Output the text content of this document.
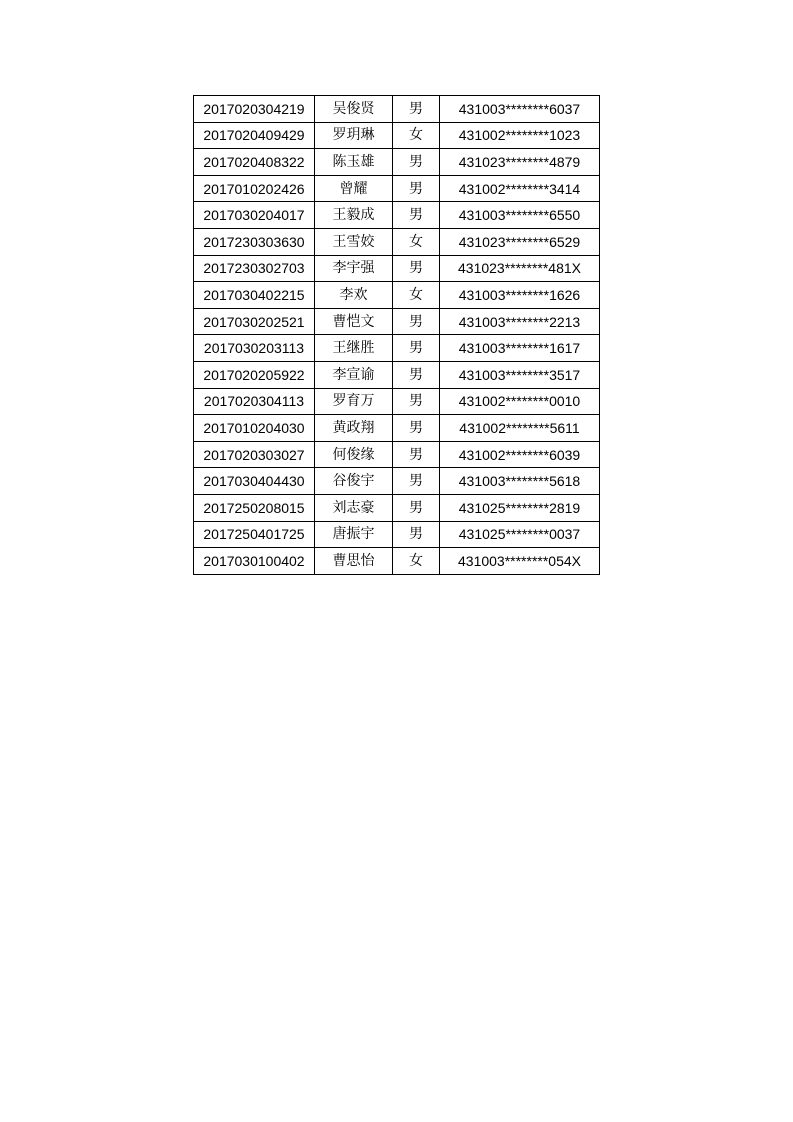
2017020304219	吴俊贤	男	431003********6037
2017020409429	罗玥琳	女	431002********1023
2017020408322	陈玉雄	男	431023********4879
2017010202426	曾耀	男	431002********3414
2017030204017	王毅成	男	431003********6550
2017230303630	王雪姣	女	431023********6529
2017230302703	李宇强	男	431023********481X
2017030402215	李欢	女	431003********1626
2017030202521	曹恺文	男	431003********2213
2017030203113	王继胜	男	431003********1617
2017020205922	李宣谕	男	431003********3517
2017020304113	罗育万	男	431002********0010
2017010204030	黄政翔	男	431002********5611
2017020303027	何俊缘	男	431002********6039
2017030404430	谷俊宇	男	431003********5618
2017250208015	刘志豪	男	431025********2819
2017250401725	唐振宇	男	431025********0037
2017030100402	曹思怡	女	431003********054X
